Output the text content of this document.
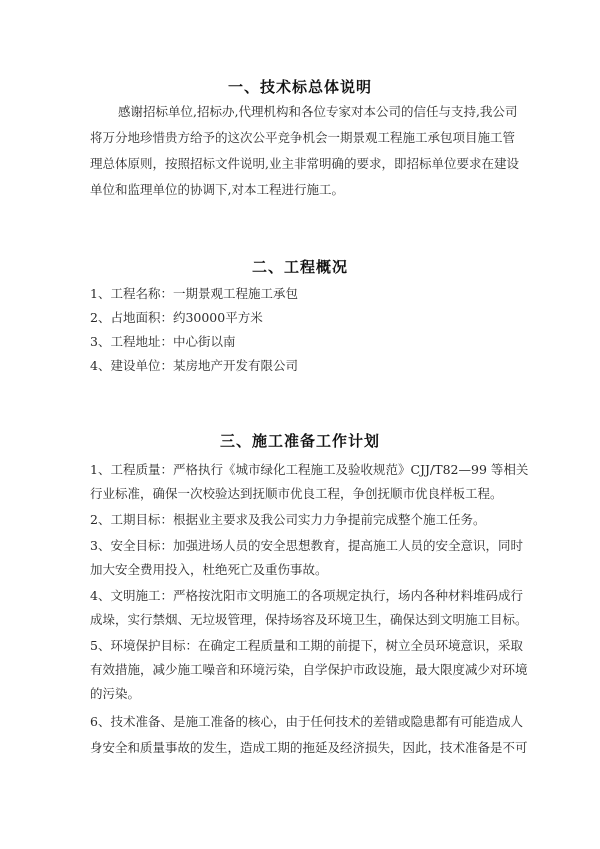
一、技术标总体说明
感谢招标单位,招标办,代理机构和各位专家对本公司的信任与支持,我公司
将万分地珍惜贵方给予的这次公平竞争机会一期景观工程施工承包项目施工管
理总体原则，按照招标文件说明,业主非常明确的要求，即招标单位要求在建设
单位和监理单位的协调下,对本工程进行施工。
二、工程概况
1、工程名称：一期景观工程施工承包
2、占地面积：约30000平方米
3、工程地址：中心街以南
4、建设单位：某房地产开发有限公司
三、施工准备工作计划
1、工程质量：严格执行《城市绿化工程施工及验收规范》CJJ/T82—99 等相关
行业标准，确保一次校验达到抚顺市优良工程，争创抚顺市优良样板工程。
2、工期目标：根据业主要求及我公司实力力争提前完成整个施工任务。
3、安全目标：加强进场人员的安全思想教育，提高施工人员的安全意识，同时
加大安全费用投入，杜绝死亡及重伤事故。
4、文明施工：严格按沈阳市文明施工的各项规定执行，场内各种材料堆码成行
成垛，实行禁烟、无垃圾管理，保持场容及环境卫生，确保达到文明施工目标。
5、环境保护目标：在确定工程质量和工期的前提下，树立全员环境意识，采取
有效措施，减少施工噪音和环境污染，自学保护市政设施，最大限度减少对环境
的污染。
6、技术准备、是施工准备的核心，由于任何技术的差错或隐患都有可能造成人
身安全和质量事故的发生，造成工期的拖延及经济损失，因此，技术准备是不可
